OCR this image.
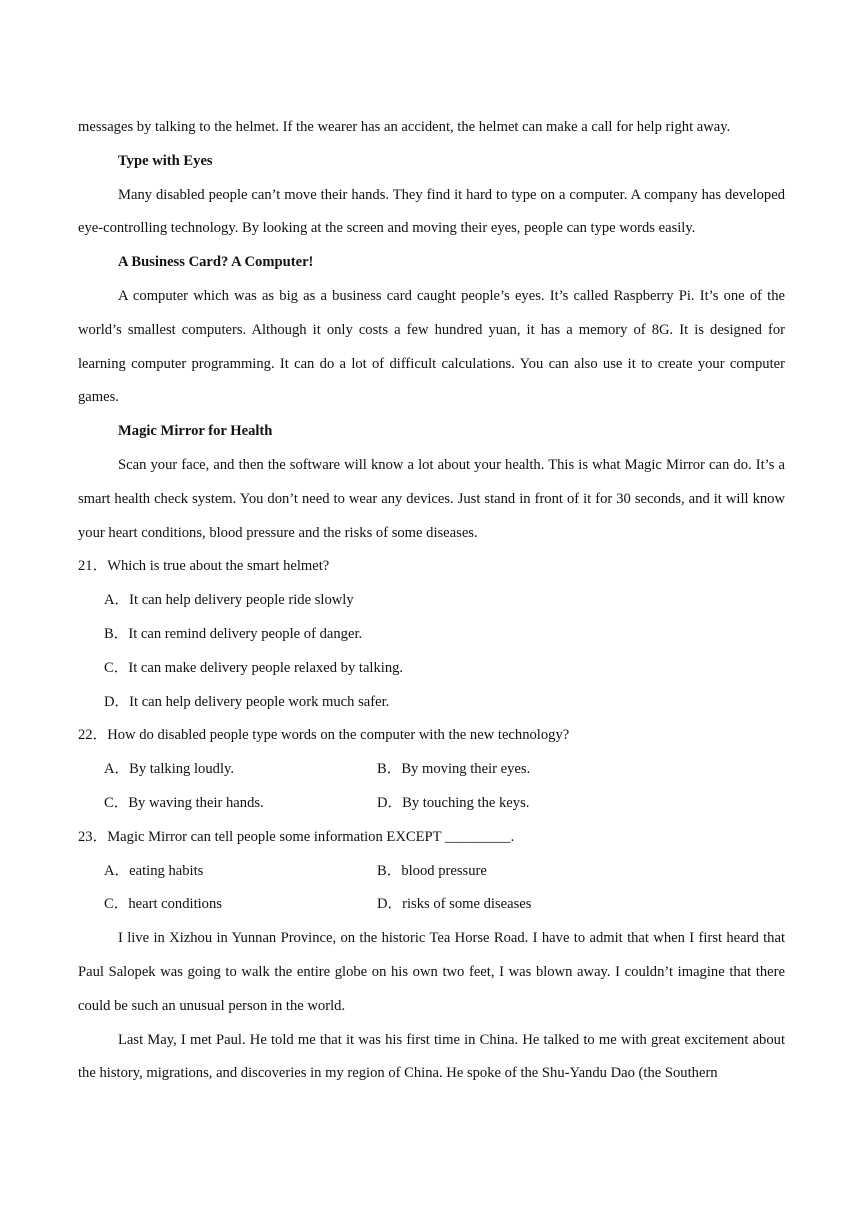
messages by talking to the helmet. If the wearer has an accident, the helmet can make a call for help right away.

Type with Eyes

Many disabled people can’t move their hands. They find it hard to type on a computer. A company has developed eye-controlling technology. By looking at the screen and moving their eyes, people can type words easily.

A Business Card? A Computer!

A computer which was as big as a business card caught people’s eyes. It’s called Raspberry Pi. It’s one of the world’s smallest computers. Although it only costs a few hundred yuan, it has a memory of 8G. It is designed for learning computer programming. It can do a lot of difficult calculations. You can also use it to create your computer games.

Magic Mirror for Health

Scan your face, and then the software will know a lot about your health. This is what Magic Mirror can do. It’s a smart health check system. You don’t need to wear any devices. Just stand in front of it for 30 seconds, and it will know your heart conditions, blood pressure and the risks of some diseases.

21．Which is true about the smart helmet?

A．It can help delivery people ride slowly

B．It can remind delivery people of danger.

C．It can make delivery people relaxed by talking.

D．It can help delivery people work much safer.

22．How do disabled people type words on the computer with the new technology?

A．By talking loudly.	B．By moving their eyes.
C．By waving their hands.	D．By touching the keys.

23．Magic Mirror can tell people some information EXCEPT _________.

A．eating habits	B．blood pressure
C．heart conditions	D．risks of some diseases

I live in Xizhou in Yunnan Province, on the historic Tea Horse Road. I have to admit that when I first heard that Paul Salopek was going to walk the entire globe on his own two feet, I was blown away. I couldn’t imagine that there could be such an unusual person in the world.

Last May, I met Paul. He told me that it was his first time in China. He talked to me with great excitement about the history, migrations, and discoveries in my region of China. He spoke of the Shu-Yandu Dao (the Southern
